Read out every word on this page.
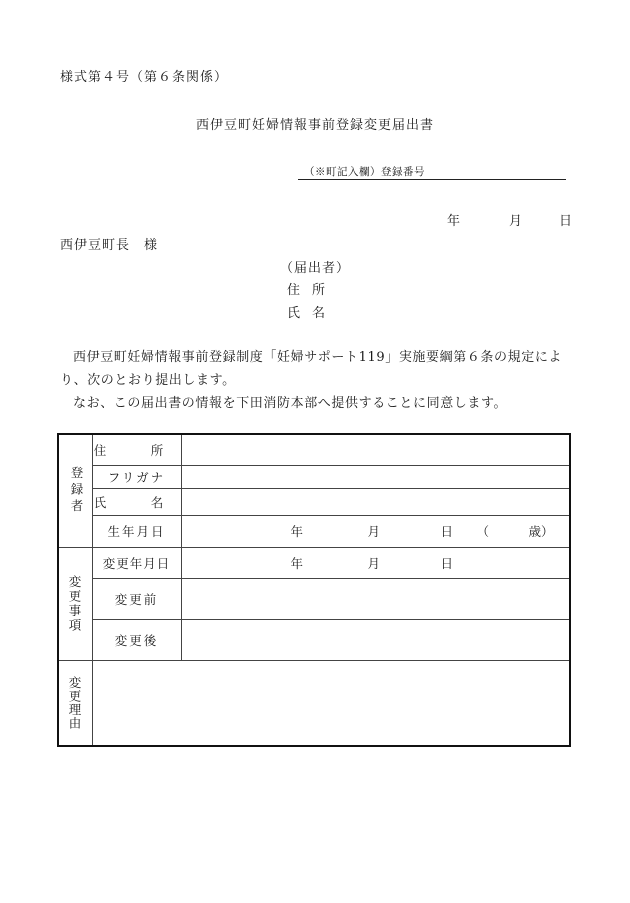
様式第４号（第６条関係）
西伊豆町妊婦情報事前登録変更届出書
（※町記入欄）登録番号
年	月	日
西伊豆町長　様
（届出者）
住所
氏名
西伊豆町妊婦情報事前登録制度「妊婦サポート119」実施要綱第６条の規定により、次のとおり提出します。
なお、この届出書の情報を下田消防本部へ提供することに同意します。
登録者	住　所	
	フリガナ	
	氏　名	
	生年月日	年 月 日 （ 歳）

変更事項	変更年月日	年 月 日

	変更前	
	変更後	

変更理由		
